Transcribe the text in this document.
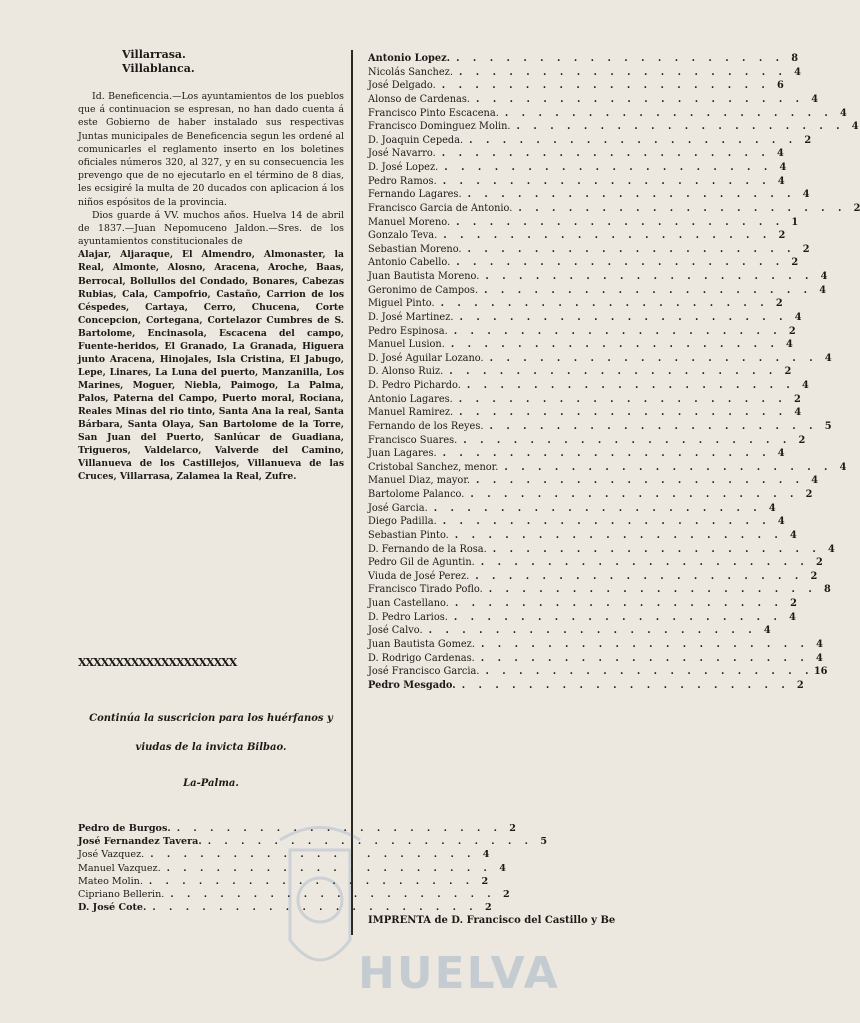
Villarrasa.
Villablanca.

Id. Beneficencia.—Los ayuntamientos de los pueblos que á continuacion se espresan, no han dado cuenta á este Gobierno de haber instalado sus respectivas Juntas municipales de Beneficencia segun les ordené al comunicarles el reglamento inserto en los boletines oficiales números 320, al 327, y en su consecuencia les prevengo que de no ejecutarlo en el término de 8 dias, les ecsigiré la multa de 20 ducados con aplicacion á los niños espósitos de la provincia.

Dios guarde á VV. muchos años. Huelva 14 de abril de 1837.—Juan Nepomuceno Jaldon.—Sres. de los ayuntamientos constitucionales de

Alajar, Aljaraque, El Almendro, Almonaster, la Real, Almonte, Alosno, Aracena, Aroche, Baas, Berrocal, Bollullos del Condado, Bonares, Cabezas Rubias, Cala, Campofrio, Castaño, Carrion de los Céspedes, Cartaya, Cerro, Chucena, Corte Concepcion, Cortegana, Cortelazor Cumbres de S. Bartolome, Encinasola, Escacena del campo, Fuente-heridos, El Granado, La Granada, Higuera junto Aracena, Hinojales, Isla Cristina, El Jabugo, Lepe, Linares, La Luna del puerto, Manzanilla, Los Marines, Moguer, Niebla, Paimogo, La Palma, Palos, Paterna del Campo, Puerto moral, Rociana, Reales Minas del rio tinto, Santa Ana la real, Santa Bárbara, Santa Olaya, San Bartolome de la Torre, San Juan del Puerto, Sanlúcar de Guadiana, Trigueros, Valdelarco, Valverde del Camino, Villanueva de los Castillejos, Villanueva de las Cruces, Villarrasa, Zalamea la Real, Zufre.

XXXXXXXXXXXXXXXXXXXXX
Continúa la suscricion para los huérfanos y viudas de la invicta Bilbao.
La-Palma.
Pedro de Burgos. . . . . . . . . . . . . . . . . . . . . 2
José Fernandez Tavera. . . . . . . . . . . . . . . . . . . . . 5
José Vazquez. . . . . . . . . . . . . . . . . . . . . 4
Manuel Vazquez. . . . . . . . . . . . . . . . . . . . . 4
Mateo Molin. . . . . . . . . . . . . . . . . . . . . 2
Cipriano Bellerin. . . . . . . . . . . . . . . . . . . . . 2
D. José Cote. . . . . . . . . . . . . . . . . . . . . 2
Antonio Lopez. . . . . . . . . . . . . . . . . . . . . 8
Nicolás Sanchez. . . . . . . . . . . . . . . . . . . . . 4
José Delgado. . . . . . . . . . . . . . . . . . . . . 6
Alonso de Cardenas. . . . . . . . . . . . . . . . . . . . . 4
Francisco Pinto Escacena. . . . . . . . . . . . . . . . . . . . . 4
Francisco Dominguez Molin. . . . . . . . . . . . . . . . . . . . . 4
D. Joaquin Cepeda. . . . . . . . . . . . . . . . . . . . . 2
José Navarro. . . . . . . . . . . . . . . . . . . . . 4
D. José Lopez. . . . . . . . . . . . . . . . . . . . . 4
Pedro Ramos. . . . . . . . . . . . . . . . . . . . . 4
Fernando Lagares. . . . . . . . . . . . . . . . . . . . . 4
Francisco Garcia de Antonio. . . . . . . . . . . . . . . . . . . . . 2
Manuel Moreno. . . . . . . . . . . . . . . . . . . . . 1
Gonzalo Teva. . . . . . . . . . . . . . . . . . . . . 2
Sebastian Moreno. . . . . . . . . . . . . . . . . . . . . 2
Antonio Cabello. . . . . . . . . . . . . . . . . . . . . 2
Juan Bautista Moreno. . . . . . . . . . . . . . . . . . . . . 4
Geronimo de Campos. . . . . . . . . . . . . . . . . . . . . 4
Miguel Pinto. . . . . . . . . . . . . . . . . . . . . 2
D. José Martinez. . . . . . . . . . . . . . . . . . . . . 4
Pedro Espinosa. . . . . . . . . . . . . . . . . . . . . 2
Manuel Lusion. . . . . . . . . . . . . . . . . . . . . 4
D. José Aguilar Lozano. . . . . . . . . . . . . . . . . . . . . 4
D. Alonso Ruiz. . . . . . . . . . . . . . . . . . . . . 2
D. Pedro Pichardo. . . . . . . . . . . . . . . . . . . . . 4
Antonio Lagares. . . . . . . . . . . . . . . . . . . . . 2
Manuel Ramirez. . . . . . . . . . . . . . . . . . . . . 4
Fernando de los Reyes. . . . . . . . . . . . . . . . . . . . . 5
Francisco Suares. . . . . . . . . . . . . . . . . . . . . 2
Juan Lagares. . . . . . . . . . . . . . . . . . . . . 4
Cristobal Sanchez, menor. . . . . . . . . . . . . . . . . . . . . 4
Manuel Diaz, mayor. . . . . . . . . . . . . . . . . . . . . 4
Bartolome Palanco. . . . . . . . . . . . . . . . . . . . . 2
José Garcia. . . . . . . . . . . . . . . . . . . . . 4
Diego Padilla. . . . . . . . . . . . . . . . . . . . . 4
Sebastian Pinto. . . . . . . . . . . . . . . . . . . . . 4
D. Fernando de la Rosa. . . . . . . . . . . . . . . . . . . . . 4
Pedro Gil de Aguntin. . . . . . . . . . . . . . . . . . . . . 2
Viuda de José Perez. . . . . . . . . . . . . . . . . . . . . 2
Francisco Tirado Poflo. . . . . . . . . . . . . . . . . . . . . 8
Juan Castellano. . . . . . . . . . . . . . . . . . . . . 2
D. Pedro Larios. . . . . . . . . . . . . . . . . . . . . 4
José Calvo. . . . . . . . . . . . . . . . . . . . . 4
Juan Bautista Gomez. . . . . . . . . . . . . . . . . . . . . 4
D. Rodrigo Cardenas. . . . . . . . . . . . . . . . . . . . . 4
José Francisco Garcia. . . . . . . . . . . . . . . . . . . . . 16
Pedro Mesgado. . . . . . . . . . . . . . . . . . . . . 2
IMPRENTA de D. Francisco del Castillo y Be
HUELVA
